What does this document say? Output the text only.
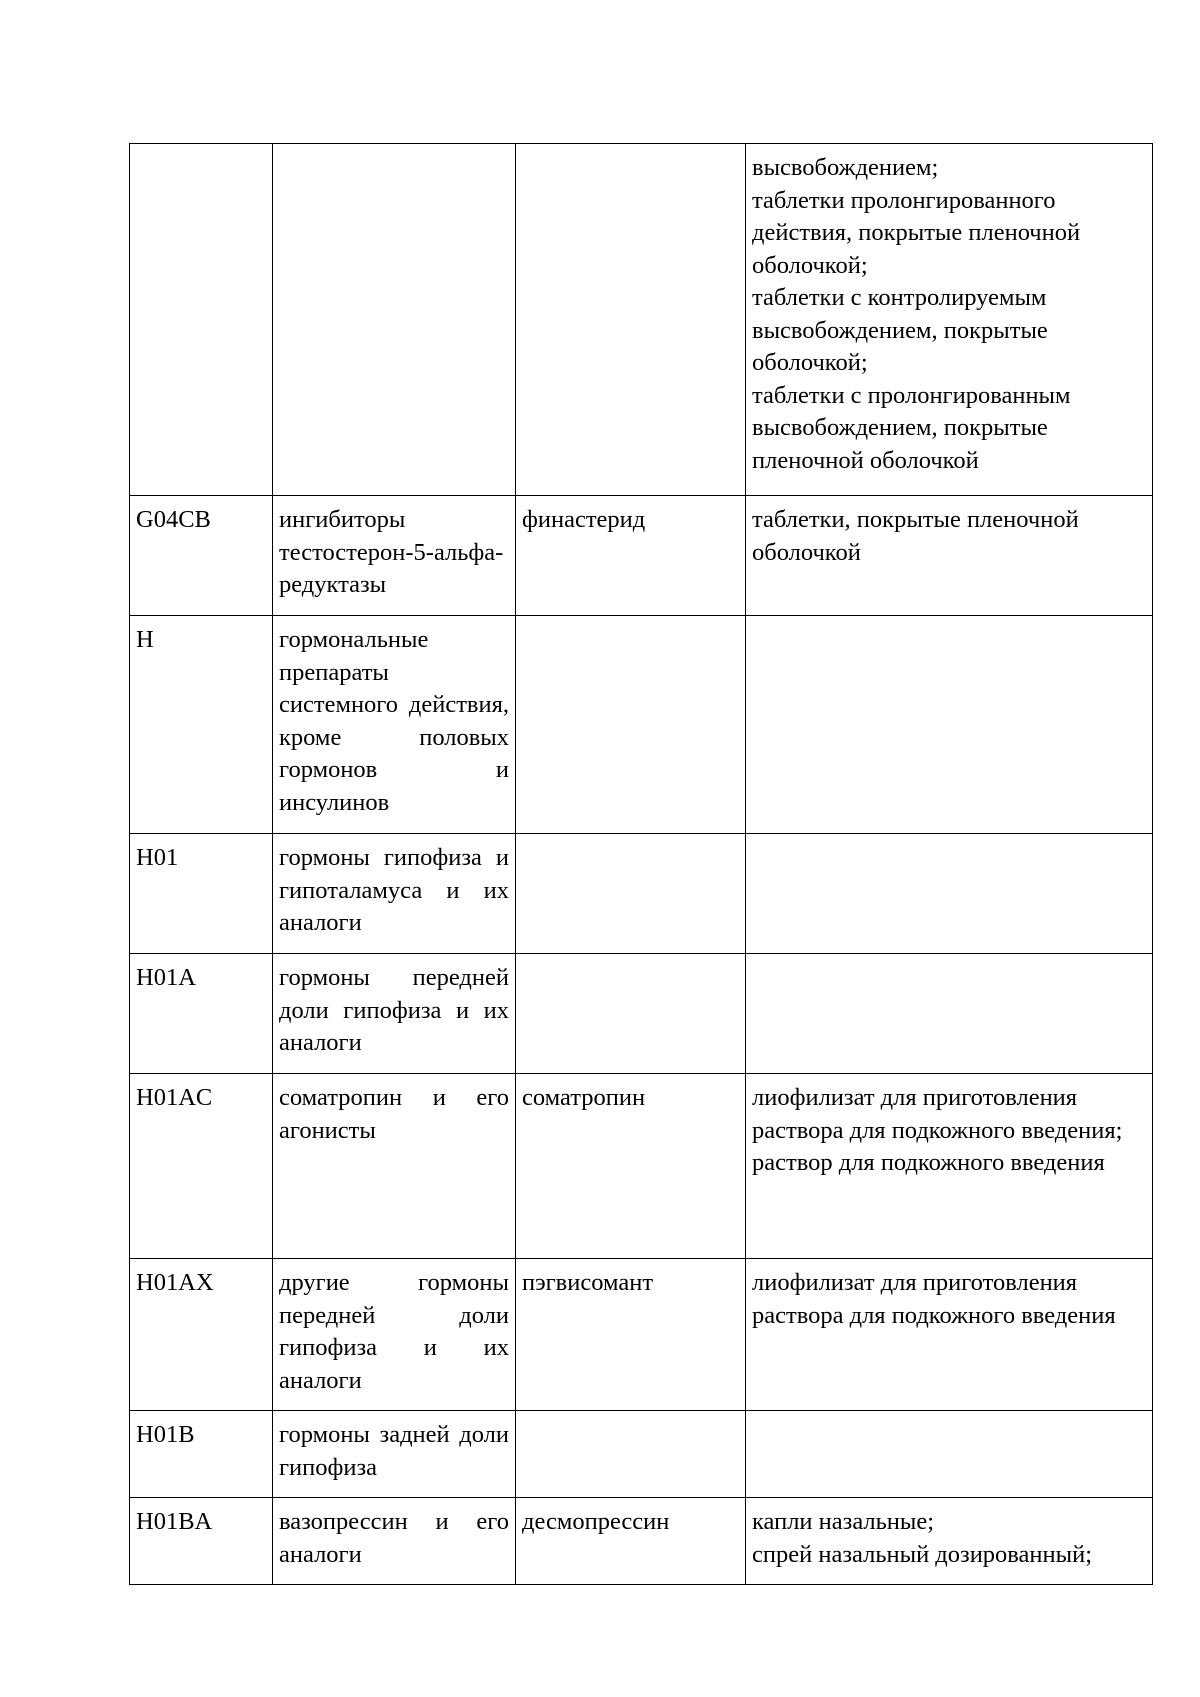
			высвобождением;
таблетки пролонгированного действия, покрытые пленочной оболочкой;
таблетки с контролируемым высвобождением, покрытые оболочкой;
таблетки с пролонгированным высвобождением, покрытые пленочной оболочкой
G04CB	ингибиторы тестостерон-5-альфа-редуктазы	финастерид	таблетки, покрытые пленочной оболочкой
H	гормональные препараты системного действия, кроме половых гормонов и инсулинов		
H01	гормоны гипофиза и гипоталамуса и их аналоги		
H01A	гормоны передней доли гипофиза и их аналоги		
H01AC	соматропин и его агонисты	соматропин	лиофилизат для приготовления раствора для подкожного введения;
раствор для подкожного введения
H01AX	другие гормоны передней доли гипофиза и их аналоги	пэгвисомант	лиофилизат для приготовления раствора для подкожного введения
H01B	гормоны задней доли гипофиза		
H01BA	вазопрессин и его аналоги	десмопрессин	капли назальные;
спрей назальный дозированный;
